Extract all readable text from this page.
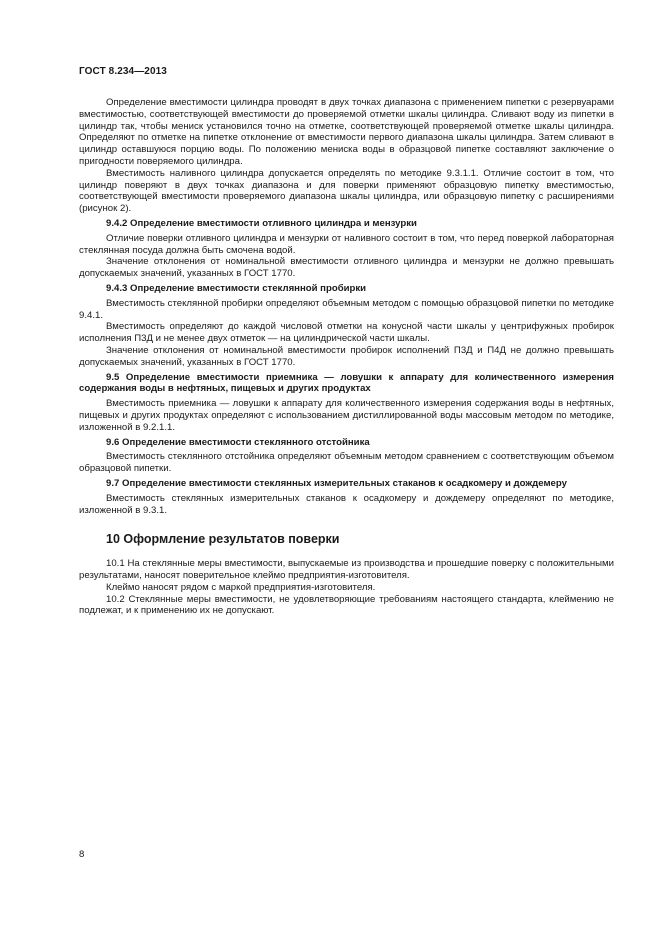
ГОСТ 8.234—2013

Определение вместимости цилиндра проводят в двух точках диапазона с применением пипетки с резервуарами вместимостью, соответствующей вместимости до проверяемой отметки шкалы цилиндра. Сливают воду из пипетки в цилиндр так, чтобы мениск установился точно на отметке, соответствующей проверяемой отметке шкалы цилиндра. Определяют по отметке на пипетке отклонение от вместимости первого диапазона шкалы цилиндра. Затем сливают в цилиндр оставшуюся порцию воды. По положению мениска воды в образцовой пипетке составляют заключение о пригодности поверяемого цилиндра.

Вместимость наливного цилиндра допускается определять по методике 9.3.1.1. Отличие состоит в том, что цилиндр поверяют в двух точках диапазона и для поверки применяют образцовую пипетку вместимостью, соответствующей вместимости проверяемого диапазона шкалы цилиндра, или образцовую пипетку с расширениями (рисунок 2).

9.4.2 Определение вместимости отливного цилиндра и мензурки

Отличие поверки отливного цилиндра и мензурки от наливного состоит в том, что перед поверкой лабораторная стеклянная посуда должна быть смочена водой.

Значение отклонения от номинальной вместимости отливного цилиндра и мензурки не должно превышать допускаемых значений, указанных в ГОСТ 1770.

9.4.3 Определение вместимости стеклянной пробирки

Вместимость стеклянной пробирки определяют объемным методом с помощью образцовой пипетки по методике 9.4.1.

Вместимость определяют до каждой числовой отметки на конусной части шкалы у центрифужных пробирок исполнения П3Д и не менее двух отметок — на цилиндрической части шкалы.

Значение отклонения от номинальной вместимости пробирок исполнений П3Д и П4Д не должно превышать допускаемых значений, указанных в ГОСТ 1770.

9.5 Определение вместимости приемника — ловушки к аппарату для количественного измерения содержания воды в нефтяных, пищевых и других продуктах

Вместимость приемника — ловушки к аппарату для количественного измерения содержания воды в нефтяных, пищевых и других продуктах определяют с использованием дистиллированной воды массовым методом по методике, изложенной в 9.2.1.1.

9.6 Определение вместимости стеклянного отстойника

Вместимость стеклянного отстойника определяют объемным методом сравнением с соответствующим объемом образцовой пипетки.

9.7 Определение вместимости стеклянных измерительных стаканов к осадкомеру и дождемеру

Вместимость стеклянных измерительных стаканов к осадкомеру и дождемеру определяют по методике, изложенной в 9.3.1.

10 Оформление результатов поверки

10.1 На стеклянные меры вместимости, выпускаемые из производства и прошедшие поверку с положительными результатами, наносят поверительное клеймо предприятия-изготовителя.

Клеймо наносят рядом с маркой предприятия-изготовителя.

10.2 Стеклянные меры вместимости, не удовлетворяющие требованиям настоящего стандарта, клеймению не подлежат, и к применению их не допускают.

8
